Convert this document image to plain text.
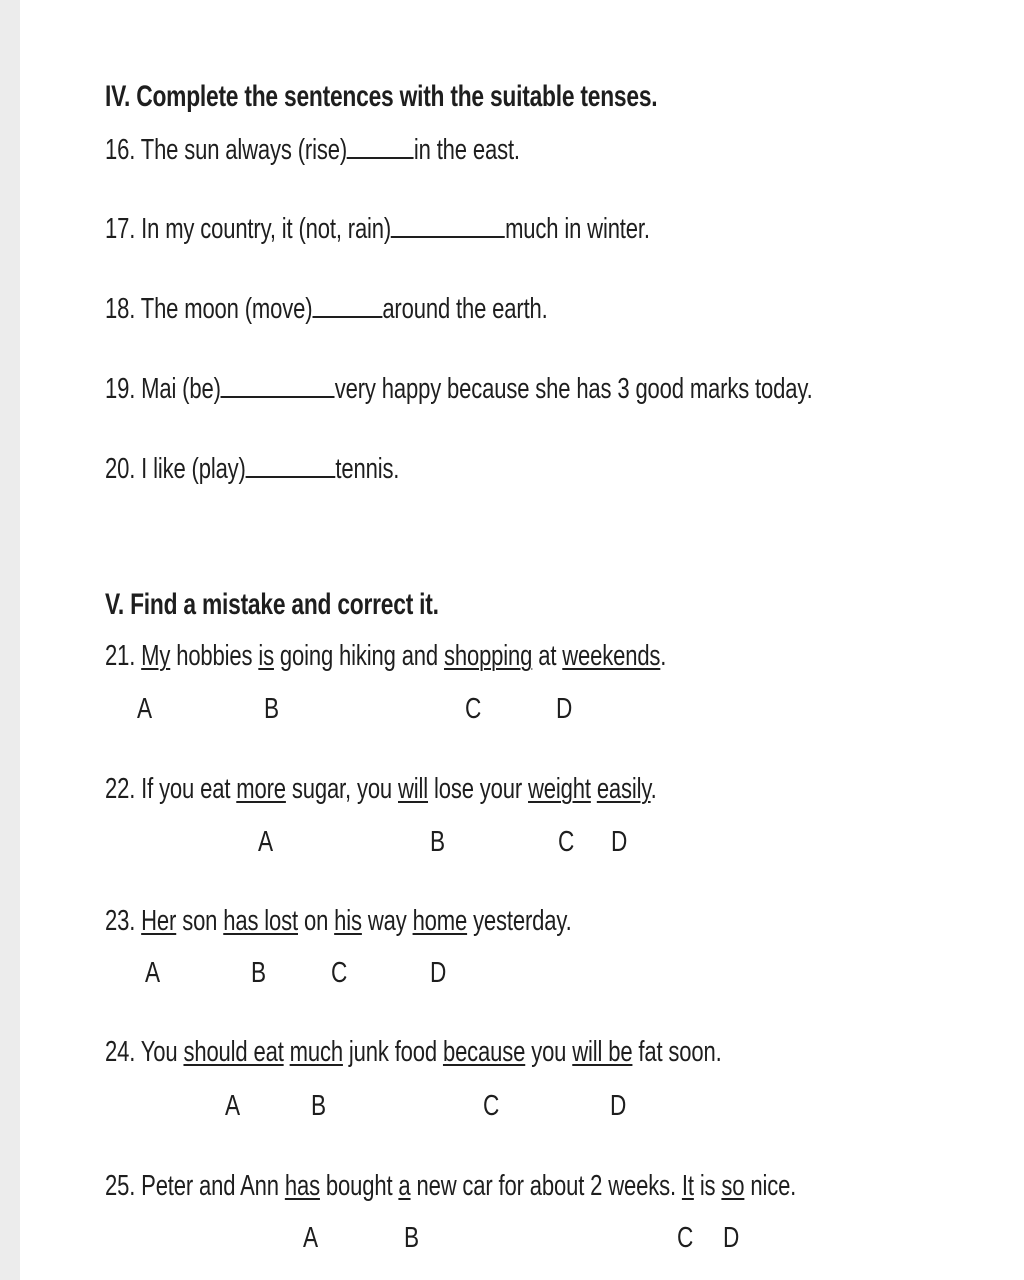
IV. Complete the sentences with the suitable tenses.
16. The sun always (rise) in the east.
17. In my country, it (not, rain)	much in winter.
18. The moon (move) around the earth.
19. Mai (be)	very happy because she has 3 good marks today.
20. I like (play)	tennis.
V. Find a mistake and correct it.
21. My hobbies is going hiking and shopping at weekends.
A	B	C	D
22. If you eat more sugar, you will lose your weight easily.
A	B	C D
23. Her son has lost on his way home yesterday.
A	B C	D
24. You should eat much junk food because you will be fat soon.
A B	C	D
25. Peter and Ann has bought a new car for about 2 weeks. It is so nice.
A	B	C D
